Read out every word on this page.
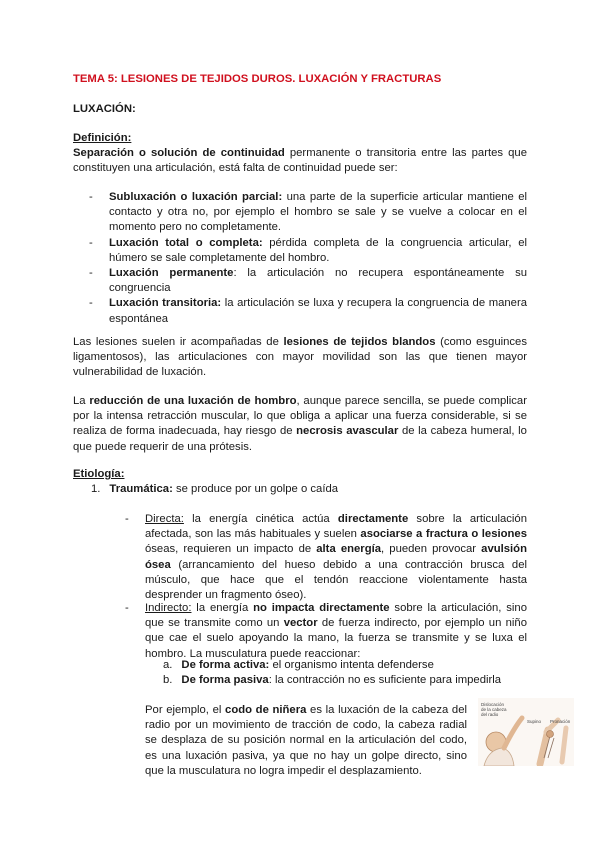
TEMA 5: LESIONES DE TEJIDOS DUROS. LUXACIÓN Y FRACTURAS
LUXACIÓN:
Definición:

Separación o solución de continuidad permanente o transitoria entre las partes que constituyen una articulación, está falta de continuidad puede ser:

- Subluxación o luxación parcial: una parte de la superficie articular mantiene el contacto y otra no, por ejemplo el hombro se sale y se vuelve a colocar en el momento pero no completamente.

- Luxación total o completa: pérdida completa de la congruencia articular, el húmero se sale completamente del hombro.

- Luxación permanente: la articulación no recupera espontáneamente su congruencia

- Luxación transitoria: la articulación se luxa y recupera la congruencia de manera espontánea

Las lesiones suelen ir acompañadas de lesiones de tejidos blandos (como esguinces ligamentosos), las articulaciones con mayor movilidad son las que tienen mayor vulnerabilidad de luxación.

La reducción de una luxación de hombro, aunque parece sencilla, se puede complicar por la intensa retracción muscular, lo que obliga a aplicar una fuerza considerable, si se realiza de forma inadecuada, hay riesgo de necrosis avascular de la cabeza humeral, lo que puede requerir de una prótesis.

Etiología:
1. Traumática: se produce por un golpe o caída

- Directa: la energía cinética actúa directamente sobre la articulación afectada, son las más habituales y suelen asociarse a fractura o lesiones óseas, requieren un impacto de alta energía, pueden provocar avulsión ósea (arrancamiento del hueso debido a una contracción brusca del músculo, que hace que el tendón reaccione violentamente hasta desprender un fragmento óseo).

- Indirecto: la energía no impacta directamente sobre la articulación, sino que se transmite como un vector de fuerza indirecto, por ejemplo un niño que cae el suelo apoyando la mano, la fuerza se transmite y se luxa el hombro. La musculatura puede reaccionar:

a. De forma activa: el organismo intenta defenderse
b. De forma pasiva: la contracción no es suficiente para impedirla

Por ejemplo, el codo de niñera es la luxación de la cabeza del radio por un movimiento de tracción de codo, la cabeza radial se desplaza de su posición normal en la articulación del codo, es una luxación pasiva, ya que no hay un golpe directo, sino que la musculatura no logra impedir el desplazamiento.

Dislocación de la cabeza del radio
Supino Pronación
